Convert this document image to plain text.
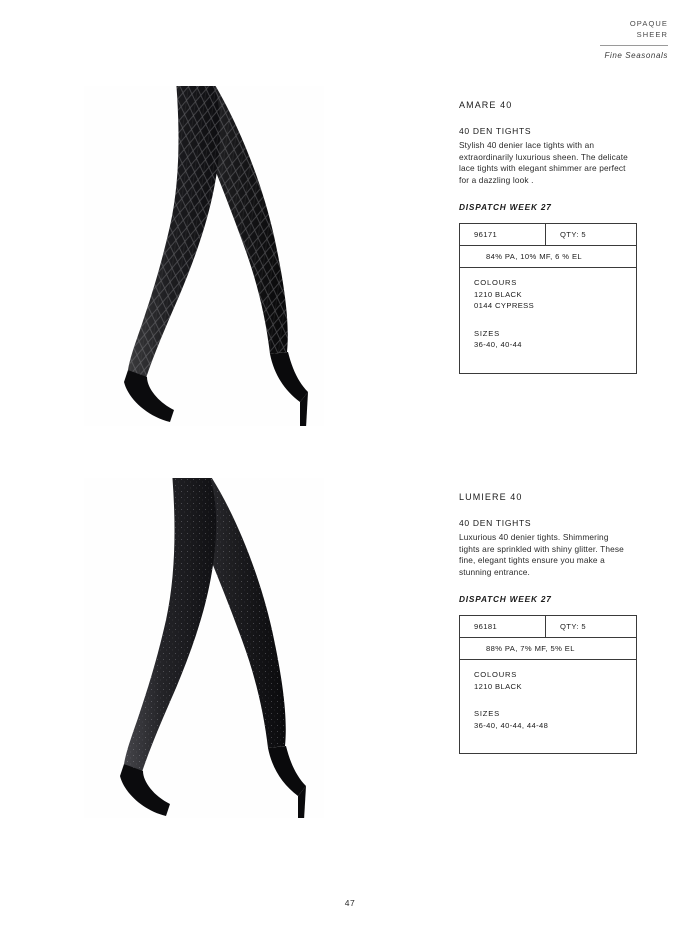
OPAQUE
SHEER
Fine Seasonals
AMARE 40
40 DEN TIGHTS
Stylish 40 denier lace tights with an extraordinarily luxurious sheen. The delicate lace tights with elegant shimmer are perfect for a dazzling look .
DISPATCH WEEK 27
96171	QTY: 5
84% PA, 10% MF, 6 % EL
COLOURS
1210 BLACK
0144 CYPRESS
SIZES
36-40, 40-44
LUMIERE 40
40 DEN TIGHTS
Luxurious 40 denier tights. Shimmering tights are sprinkled with shiny glitter. These fine, elegant tights ensure you make a stunning entrance.
DISPATCH WEEK 27
96181	QTY: 5
88% PA, 7% MF, 5% EL
COLOURS
1210 BLACK
SIZES
36-40, 40-44, 44-48
47
